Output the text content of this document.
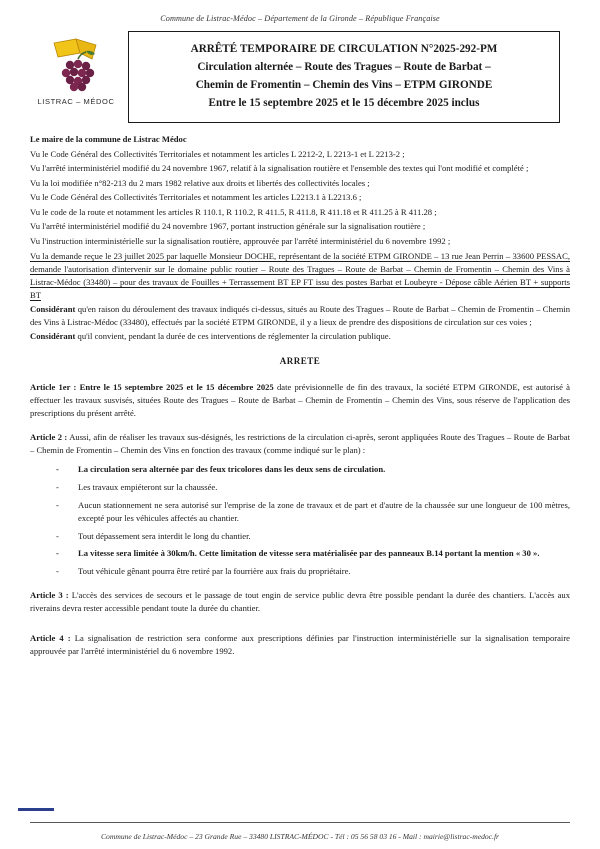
Commune de Listrac-Médoc – Département de la Gironde – République Française
LISTRAC – MÉDOC
ARRÊTÉ TEMPORAIRE DE CIRCULATION N°2025-292-PM
Circulation alternée – Route des Tragues – Route de Barbat –
Chemin de Fromentin – Chemin des Vins – ETPM GIRONDE
Entre le 15 septembre 2025 et le 15 décembre 2025 inclus

Le maire de la commune de Listrac Médoc

Vu le Code Général des Collectivités Territoriales et notamment les articles L 2212-2, L 2213-1 et L 2213-2 ;

Vu l'arrêté interministériel modifié du 24 novembre 1967, relatif à la signalisation routière et l'ensemble des textes qui l'ont modifié et complété ;

Vu la loi modifiée n°82-213 du 2 mars 1982 relative aux droits et libertés des collectivités locales ;

Vu le Code Général des Collectivités Territoriales et notamment les articles L2213.1 à L2213.6 ;

Vu le code de la route et notamment les articles R 110.1, R 110.2, R 411.5, R 411.8, R 411.18 et R 411.25 à R 411.28 ;

Vu l'arrêté interministériel modifié du 24 novembre 1967, portant instruction générale sur la signalisation routière ;

Vu l'instruction interministérielle sur la signalisation routière, approuvée par l'arrêté interministériel du 6 novembre 1992 ;

Vu la demande reçue le 23 juillet 2025 par laquelle Monsieur DOCHE, représentant de la société ETPM GIRONDE – 13 rue Jean Perrin – 33600 PESSAC, demande l'autorisation d'intervenir sur le domaine public routier – Route des Tragues – Route de Barbat – Chemin de Fromentin – Chemin des Vins à Listrac-Médoc (33480) – pour des travaux de Fouilles + Terrassement BT EP FT issu des postes Barbat et Loubeyre - Dépose câble Aérien BT + supports BT

Considérant qu'en raison du déroulement des travaux indiqués ci-dessus, situés au Route des Tragues – Route de Barbat – Chemin de Fromentin – Chemin des Vins à Listrac-Médoc (33480), effectués par la société ETPM GIRONDE, il y a lieux de prendre des dispositions de circulation sur ces voies ;

Considérant qu'il convient, pendant la durée de ces interventions de réglementer la circulation publique.

ARRETE
Article 1er : Entre le 15 septembre 2025 et le 15 décembre 2025 date prévisionnelle de fin des travaux, la société ETPM GIRONDE, est autorisé à effectuer les travaux susvisés, situées Route des Tragues – Route de Barbat – Chemin de Fromentin – Chemin des Vins, sous réserve de l'application des prescriptions du présent arrêté.
Article 2 : Aussi, afin de réaliser les travaux sus-désignés, les restrictions de la circulation ci-après, seront appliquées Route des Tragues – Route de Barbat – Chemin de Fromentin – Chemin des Vins en fonction des travaux (comme indiqué sur le plan) :
- La circulation sera alternée par des feux tricolores dans les deux sens de circulation.
- Les travaux empiéteront sur la chaussée.
- Aucun stationnement ne sera autorisé sur l'emprise de la zone de travaux et de part et d'autre de la chaussée sur une longueur de 100 mètres, excepté pour les véhicules affectés au chantier.
- Tout dépassement sera interdit le long du chantier.
- La vitesse sera limitée à 30km/h. Cette limitation de vitesse sera matérialisée par des panneaux B.14 portant la mention « 30 ».
- Tout véhicule gênant pourra être retiré par la fourrière aux frais du propriétaire.
Article 3 : L'accès des services de secours et le passage de tout engin de service public devra être possible pendant la durée des chantiers. L'accès aux riverains devra rester accessible pendant toute la durée du chantier.
Article 4 : La signalisation de restriction sera conforme aux prescriptions définies par l'instruction interministérielle sur la signalisation temporaire approuvée par l'arrêté interministériel du 6 novembre 1992.
Commune de Listrac-Médoc – 23 Grande Rue – 33480 LISTRAC-MÉDOC - Tél : 05 56 58 03 16 - Mail : mairie@listrac-medoc.fr
